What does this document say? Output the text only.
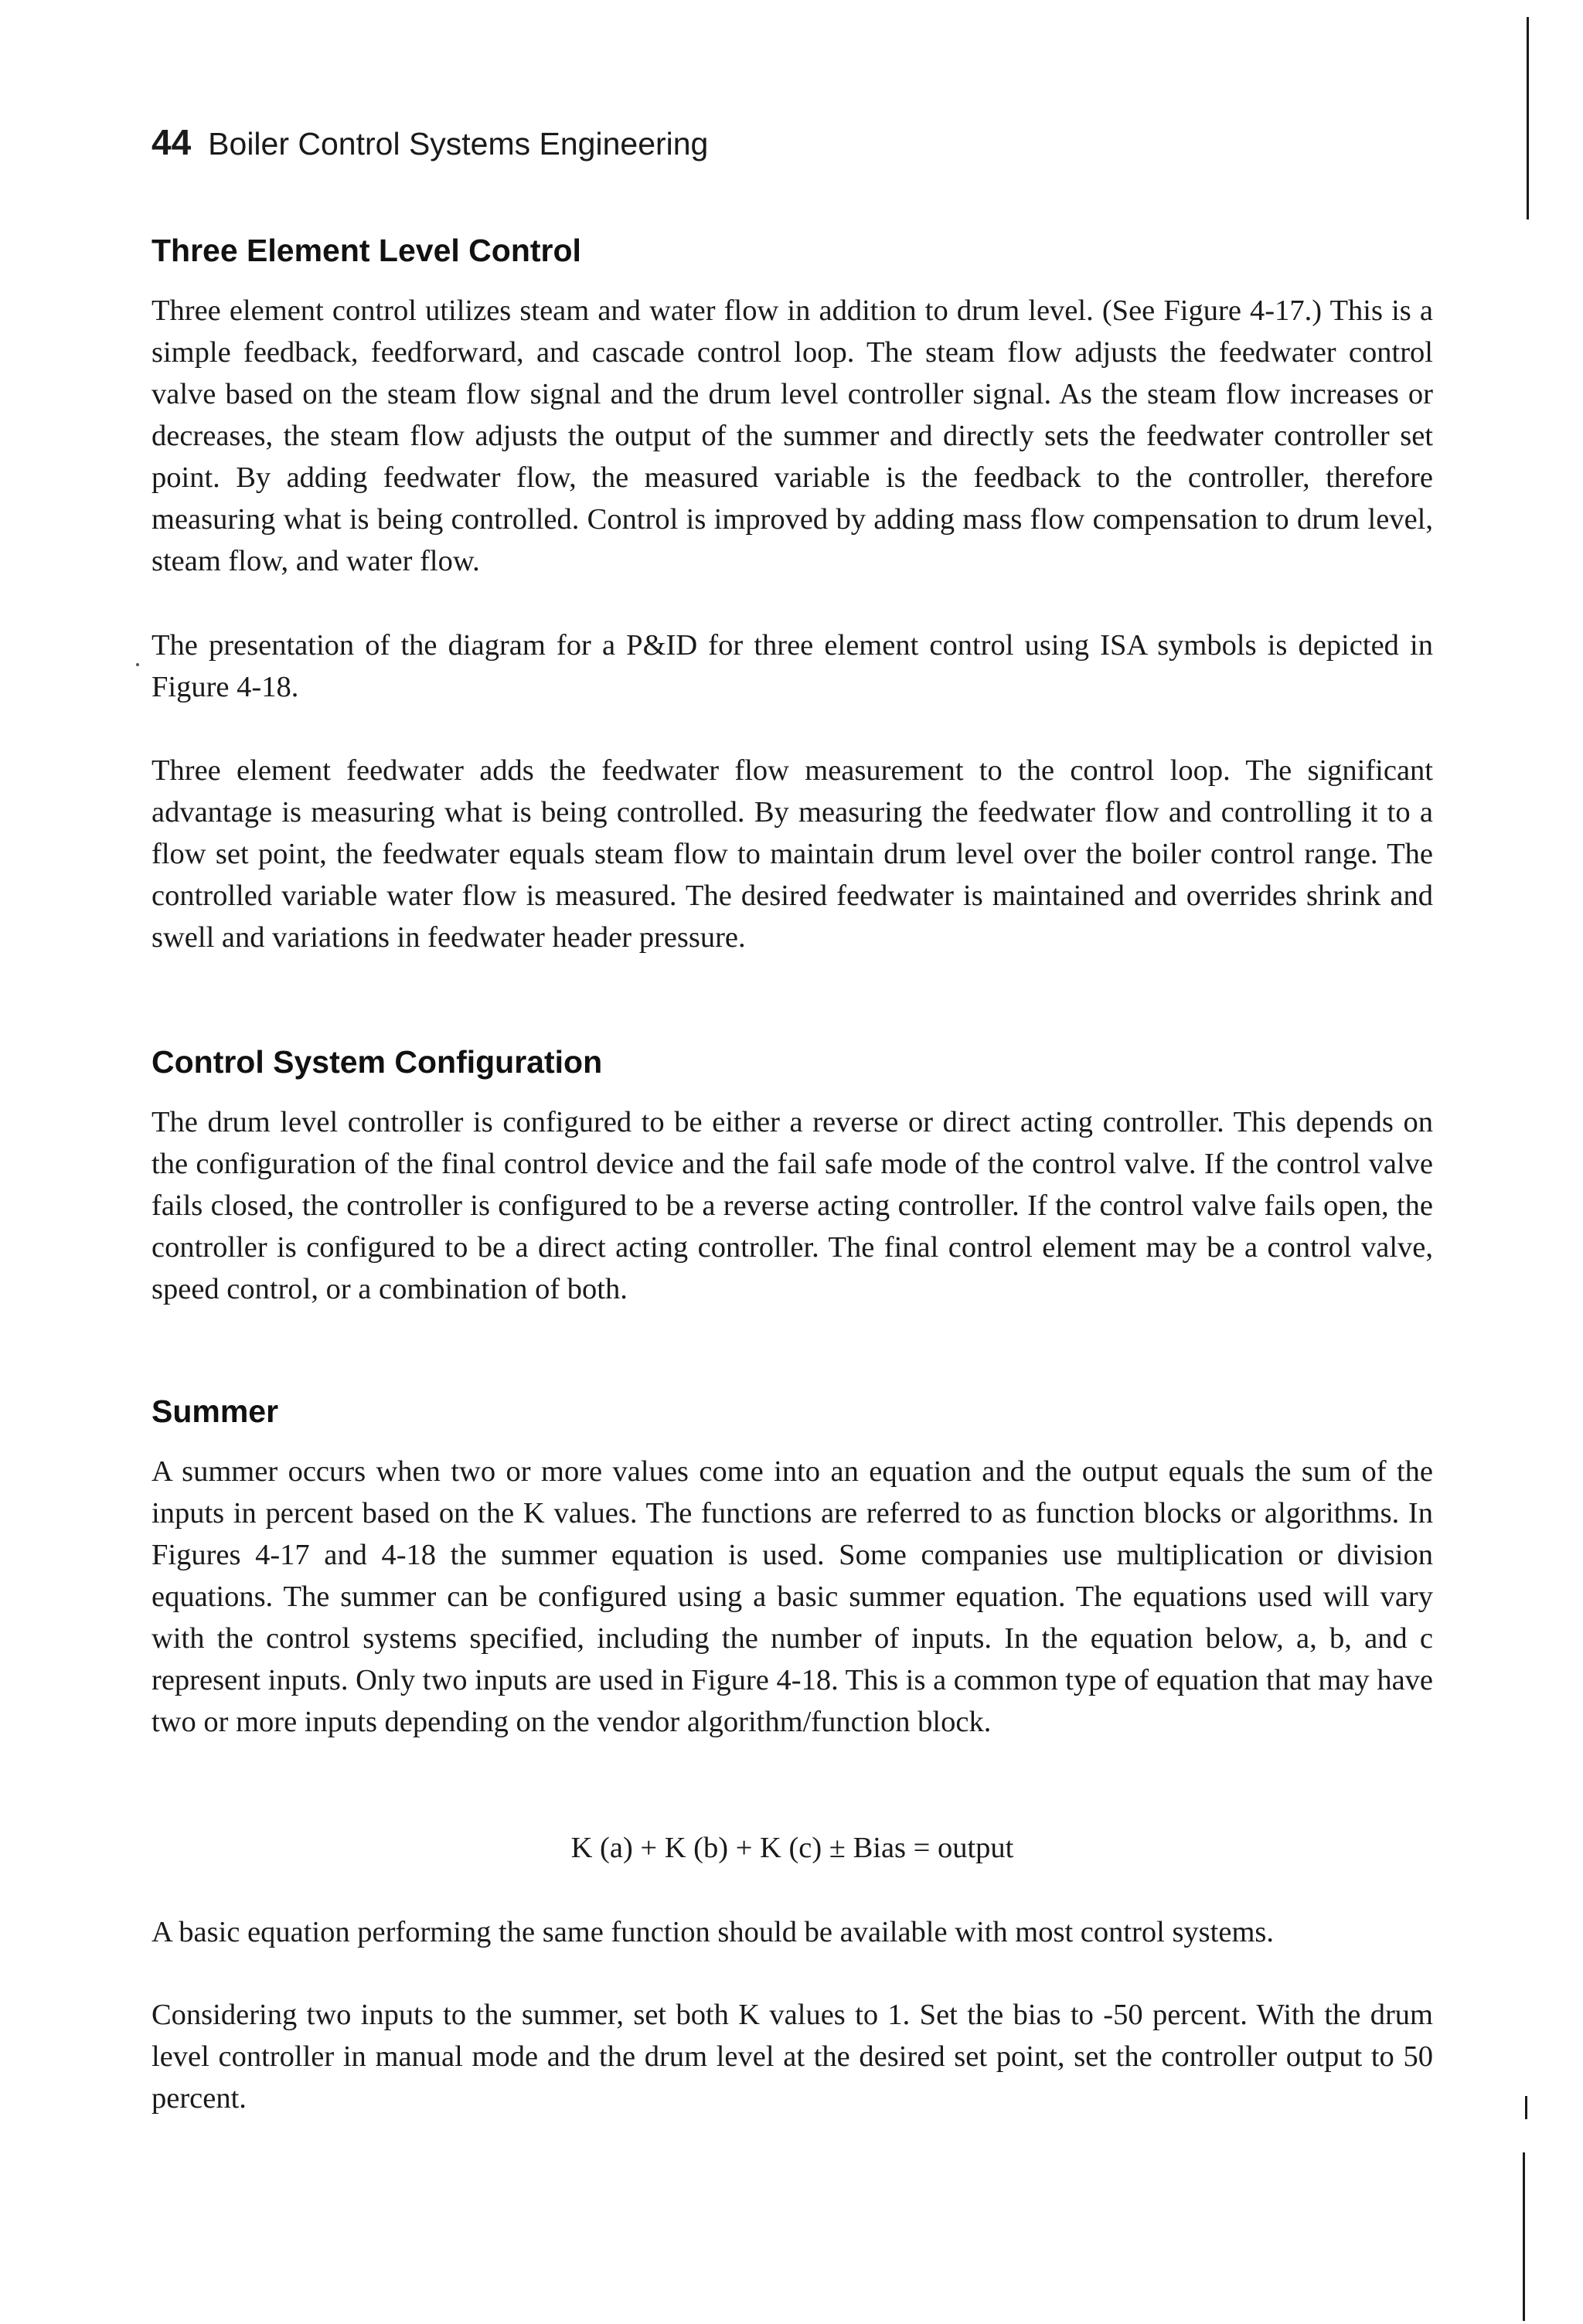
44 Boiler Control Systems Engineering
Three Element Level Control

Three element control utilizes steam and water flow in addition to drum level. (See Figure 4-17.) This is a simple feedback, feedforward, and cascade control loop. The steam flow adjusts the feedwater control valve based on the steam flow signal and the drum level controller signal. As the steam flow increases or decreases, the steam flow adjusts the output of the summer and directly sets the feedwater controller set point. By adding feedwater flow, the measured variable is the feedback to the controller, therefore measuring what is being controlled. Control is improved by adding mass flow compensation to drum level, steam flow, and water flow.

The presentation of the diagram for a P&ID for three element control using ISA symbols is depicted in Figure 4-18.

Three element feedwater adds the feedwater flow measurement to the control loop. The significant advantage is measuring what is being controlled. By measuring the feedwater flow and controlling it to a flow set point, the feedwater equals steam flow to maintain drum level over the boiler control range. The controlled variable water flow is measured. The desired feedwater is maintained and overrides shrink and swell and variations in feedwater header pressure.

Control System Configuration

The drum level controller is configured to be either a reverse or direct acting controller. This depends on the configuration of the final control device and the fail safe mode of the control valve. If the control valve fails closed, the controller is configured to be a reverse acting controller. If the control valve fails open, the controller is configured to be a direct acting controller. The final control element may be a control valve, speed control, or a combination of both.

Summer

A summer occurs when two or more values come into an equation and the output equals the sum of the inputs in percent based on the K values. The functions are referred to as function blocks or algorithms. In Figures 4-17 and 4-18 the summer equation is used. Some companies use multiplication or division equations. The summer can be configured using a basic summer equation. The equations used will vary with the control systems specified, including the number of inputs. In the equation below, a, b, and c represent inputs. Only two inputs are used in Figure 4-18. This is a common type of equation that may have two or more inputs depending on the vendor algorithm/function block.

K (a) + K (b) + K (c) ± Bias = output

A basic equation performing the same function should be available with most control systems.

Considering two inputs to the summer, set both K values to 1. Set the bias to -50 percent. With the drum level controller in manual mode and the drum level at the desired set point, set the controller output to 50 percent.
